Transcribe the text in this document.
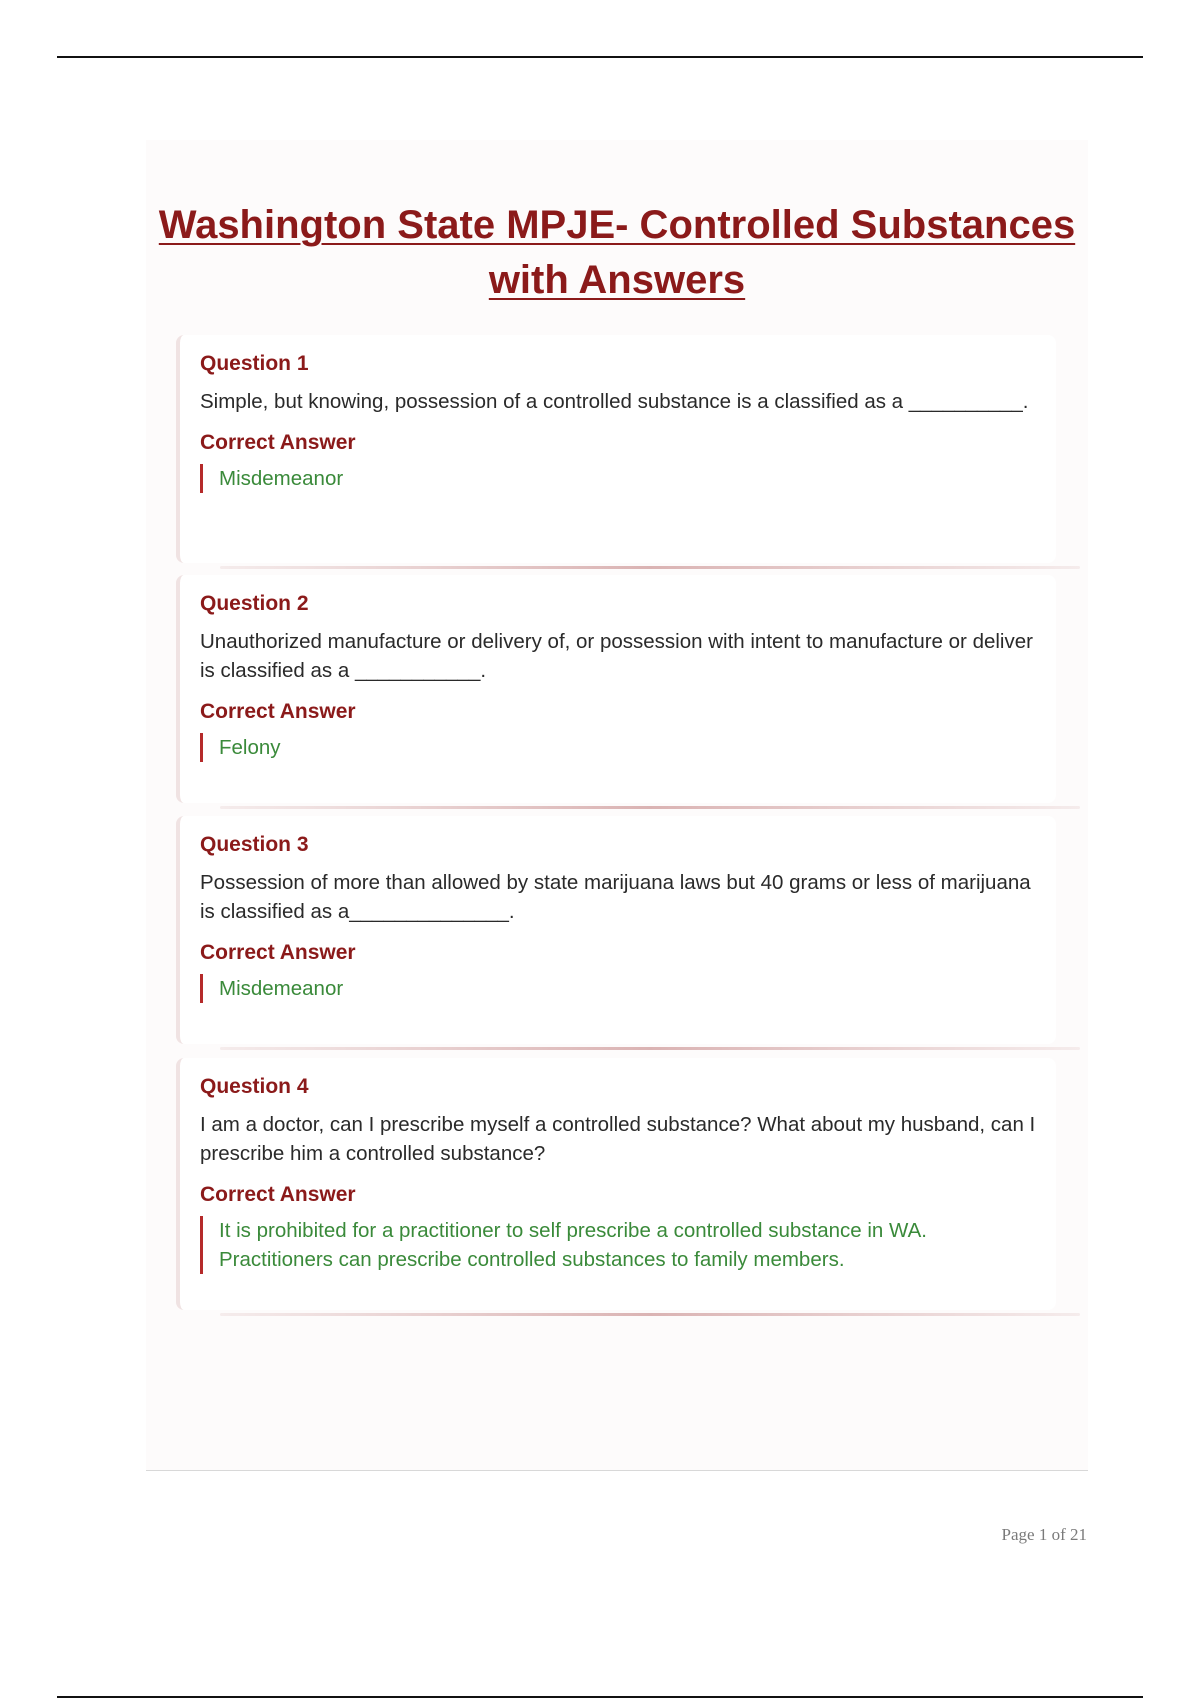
Washington State MPJE- Controlled Substances with Answers

Question 1

Simple, but knowing, possession of a controlled substance is a classified as a __________.

Correct Answer

Misdemeanor

Question 2

Unauthorized manufacture or delivery of, or possession with intent to manufacture or deliver is classified as a ___________.

Correct Answer

Felony

Question 3

Possession of more than allowed by state marijuana laws but 40 grams or less of marijuana is classified as a______________.

Correct Answer

Misdemeanor

Question 4

I am a doctor, can I prescribe myself a controlled substance? What about my husband, can I prescribe him a controlled substance?

Correct Answer

It is prohibited for a practitioner to self prescribe a controlled substance in WA. Practitioners can prescribe controlled substances to family members.
Page 1 of 21
